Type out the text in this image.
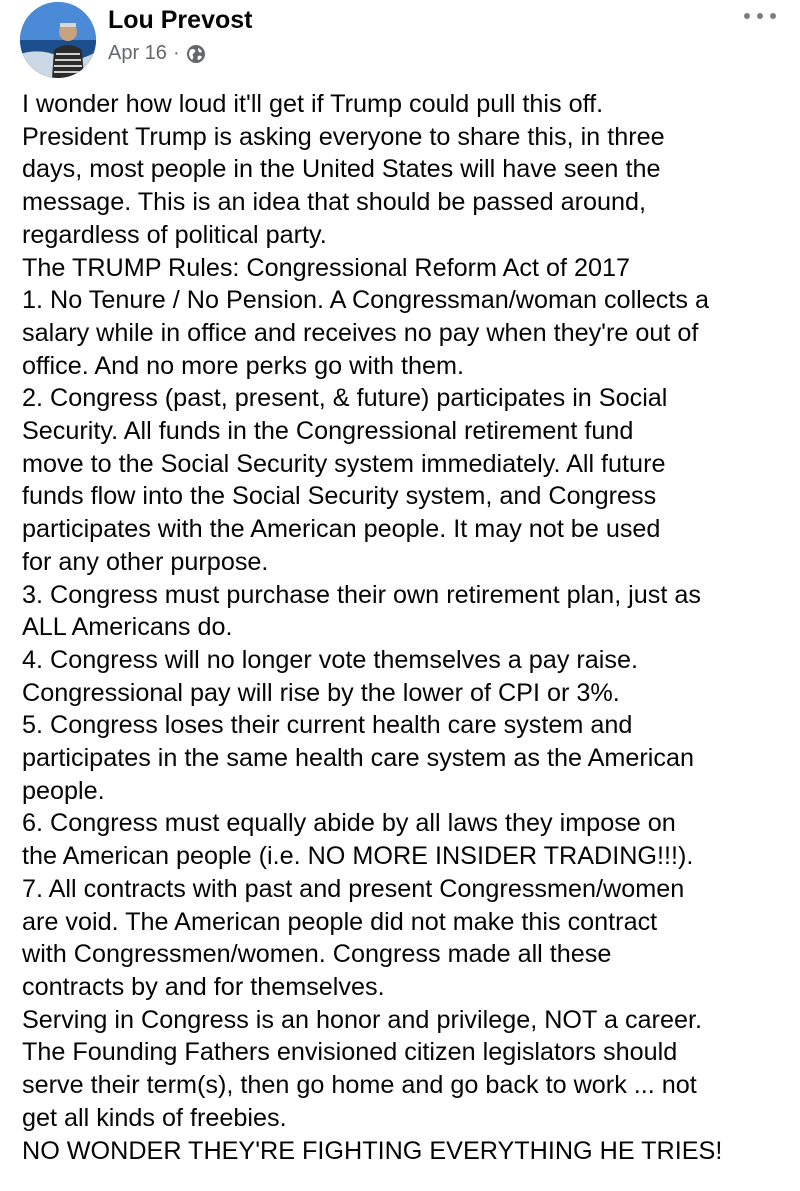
Lou Prevost
Apr 16 ·
I wonder how loud it'll get if Trump could pull this off.
President Trump is asking everyone to share this, in three
days, most people in the United States will have seen the
message. This is an idea that should be passed around,
regardless of political party.
The TRUMP Rules: Congressional Reform Act of 2017
1. No Tenure / No Pension. A Congressman/woman collects a
salary while in office and receives no pay when they're out of
office. And no more perks go with them.
2. Congress (past, present, & future) participates in Social
Security. All funds in the Congressional retirement fund
move to the Social Security system immediately. All future
funds flow into the Social Security system, and Congress
participates with the American people. It may not be used
for any other purpose.
3. Congress must purchase their own retirement plan, just as
ALL Americans do.
4. Congress will no longer vote themselves a pay raise.
Congressional pay will rise by the lower of CPI or 3%.
5. Congress loses their current health care system and
participates in the same health care system as the American
people.
6. Congress must equally abide by all laws they impose on
the American people (i.e. NO MORE INSIDER TRADING!!!).
7. All contracts with past and present Congressmen/women
are void. The American people did not make this contract
with Congressmen/women. Congress made all these
contracts by and for themselves.
Serving in Congress is an honor and privilege, NOT a career.
The Founding Fathers envisioned citizen legislators should
serve their term(s), then go home and go back to work ... not
get all kinds of freebies.
NO WONDER THEY'RE FIGHTING EVERYTHING HE TRIES!
